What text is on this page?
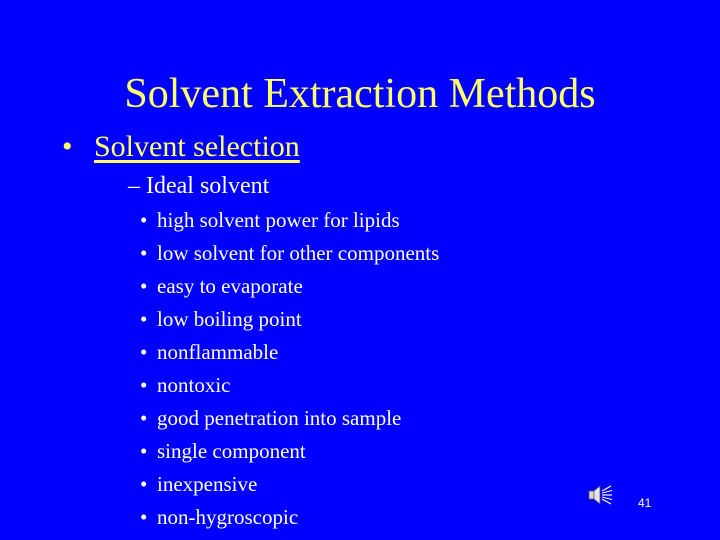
Solvent Extraction Methods
• Solvent selection
– Ideal solvent
• high solvent power for lipids
• low solvent for other components
• easy to evaporate
• low boiling point
• nonflammable
• nontoxic
• good penetration into sample
• single component
• inexpensive
• non-hygroscopic
41
